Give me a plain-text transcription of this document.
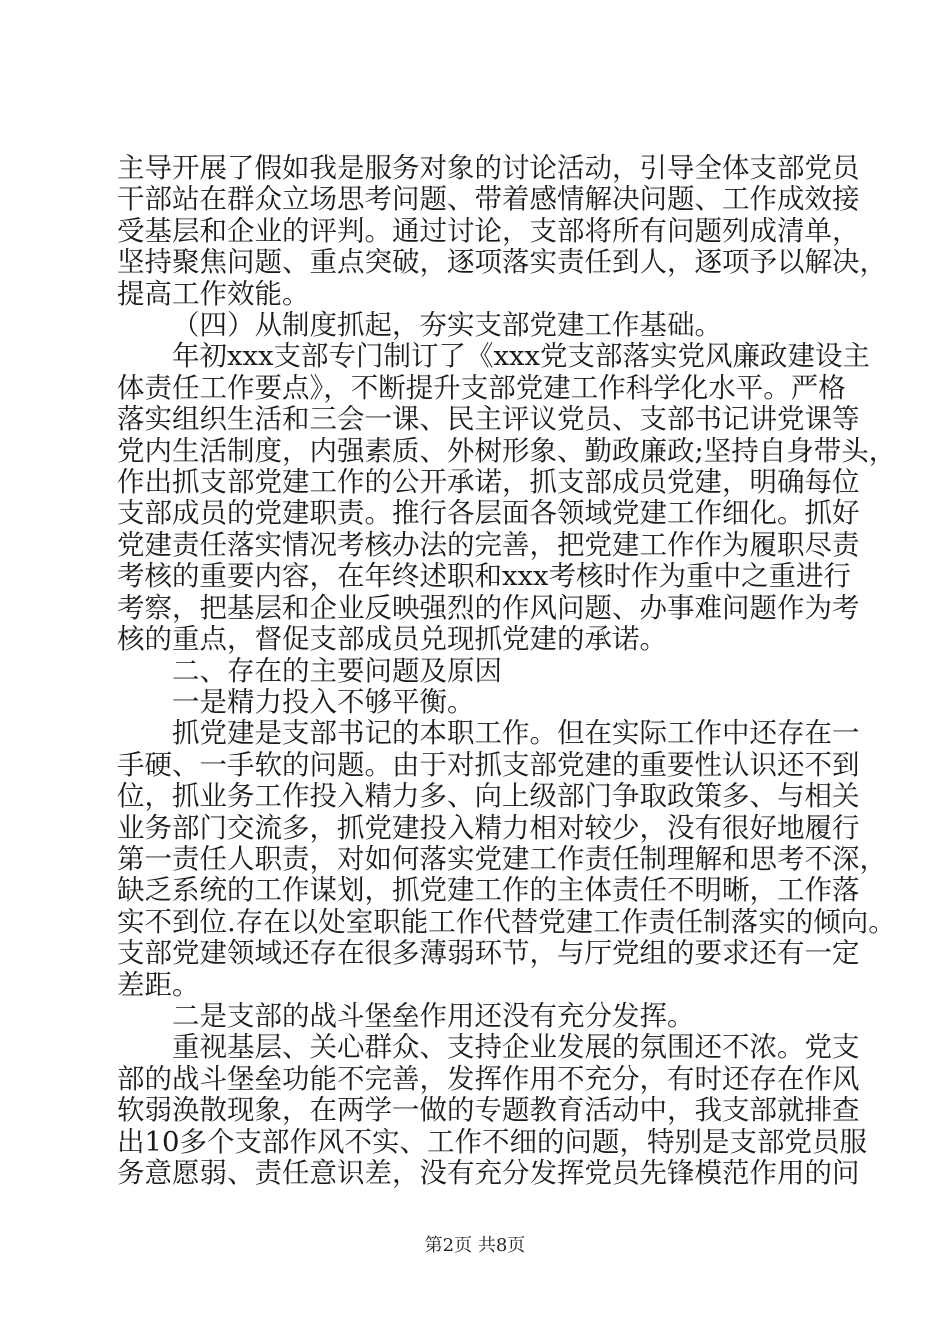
主导开展了假如我是服务对象的讨论活动，引导全体支部党员
干部站在群众立场思考问题、带着感情解决问题、工作成效接
受基层和企业的评判。通过讨论，支部将所有问题列成清单，
坚持聚焦问题、重点突破，逐项落实责任到人，逐项予以解决，
提高工作效能。
（四）从制度抓起，夯实支部党建工作基础。
年初xxx支部专门制订了《xxx党支部落实党风廉政建设主
体责任工作要点》，不断提升支部党建工作科学化水平。严格
落实组织生活和三会一课、民主评议党员、支部书记讲党课等
党内生活制度，内强素质、外树形象、勤政廉政;坚持自身带头，
作出抓支部党建工作的公开承诺，抓支部成员党建，明确每位
支部成员的党建职责。推行各层面各领域党建工作细化。抓好
党建责任落实情况考核办法的完善，把党建工作作为履职尽责
考核的重要内容，在年终述职和xxx考核时作为重中之重进行
考察，把基层和企业反映强烈的作风问题、办事难问题作为考
核的重点，督促支部成员兑现抓党建的承诺。
二、存在的主要问题及原因
一是精力投入不够平衡。
抓党建是支部书记的本职工作。但在实际工作中还存在一
手硬、一手软的问题。由于对抓支部党建的重要性认识还不到
位，抓业务工作投入精力多、向上级部门争取政策多、与相关
业务部门交流多，抓党建投入精力相对较少，没有很好地履行
第一责任人职责，对如何落实党建工作责任制理解和思考不深，
缺乏系统的工作谋划，抓党建工作的主体责任不明晰，工作落
实不到位.存在以处室职能工作代替党建工作责任制落实的倾向。
支部党建领域还存在很多薄弱环节，与厅党组的要求还有一定
差距。
二是支部的战斗堡垒作用还没有充分发挥。
重视基层、关心群众、支持企业发展的氛围还不浓。党支
部的战斗堡垒功能不完善，发挥作用不充分，有时还存在作风
软弱涣散现象，在两学一做的专题教育活动中，我支部就排查
出10多个支部作风不实、工作不细的问题，特别是支部党员服
务意愿弱、责任意识差，没有充分发挥党员先锋模范作用的问
第2页 共8页
